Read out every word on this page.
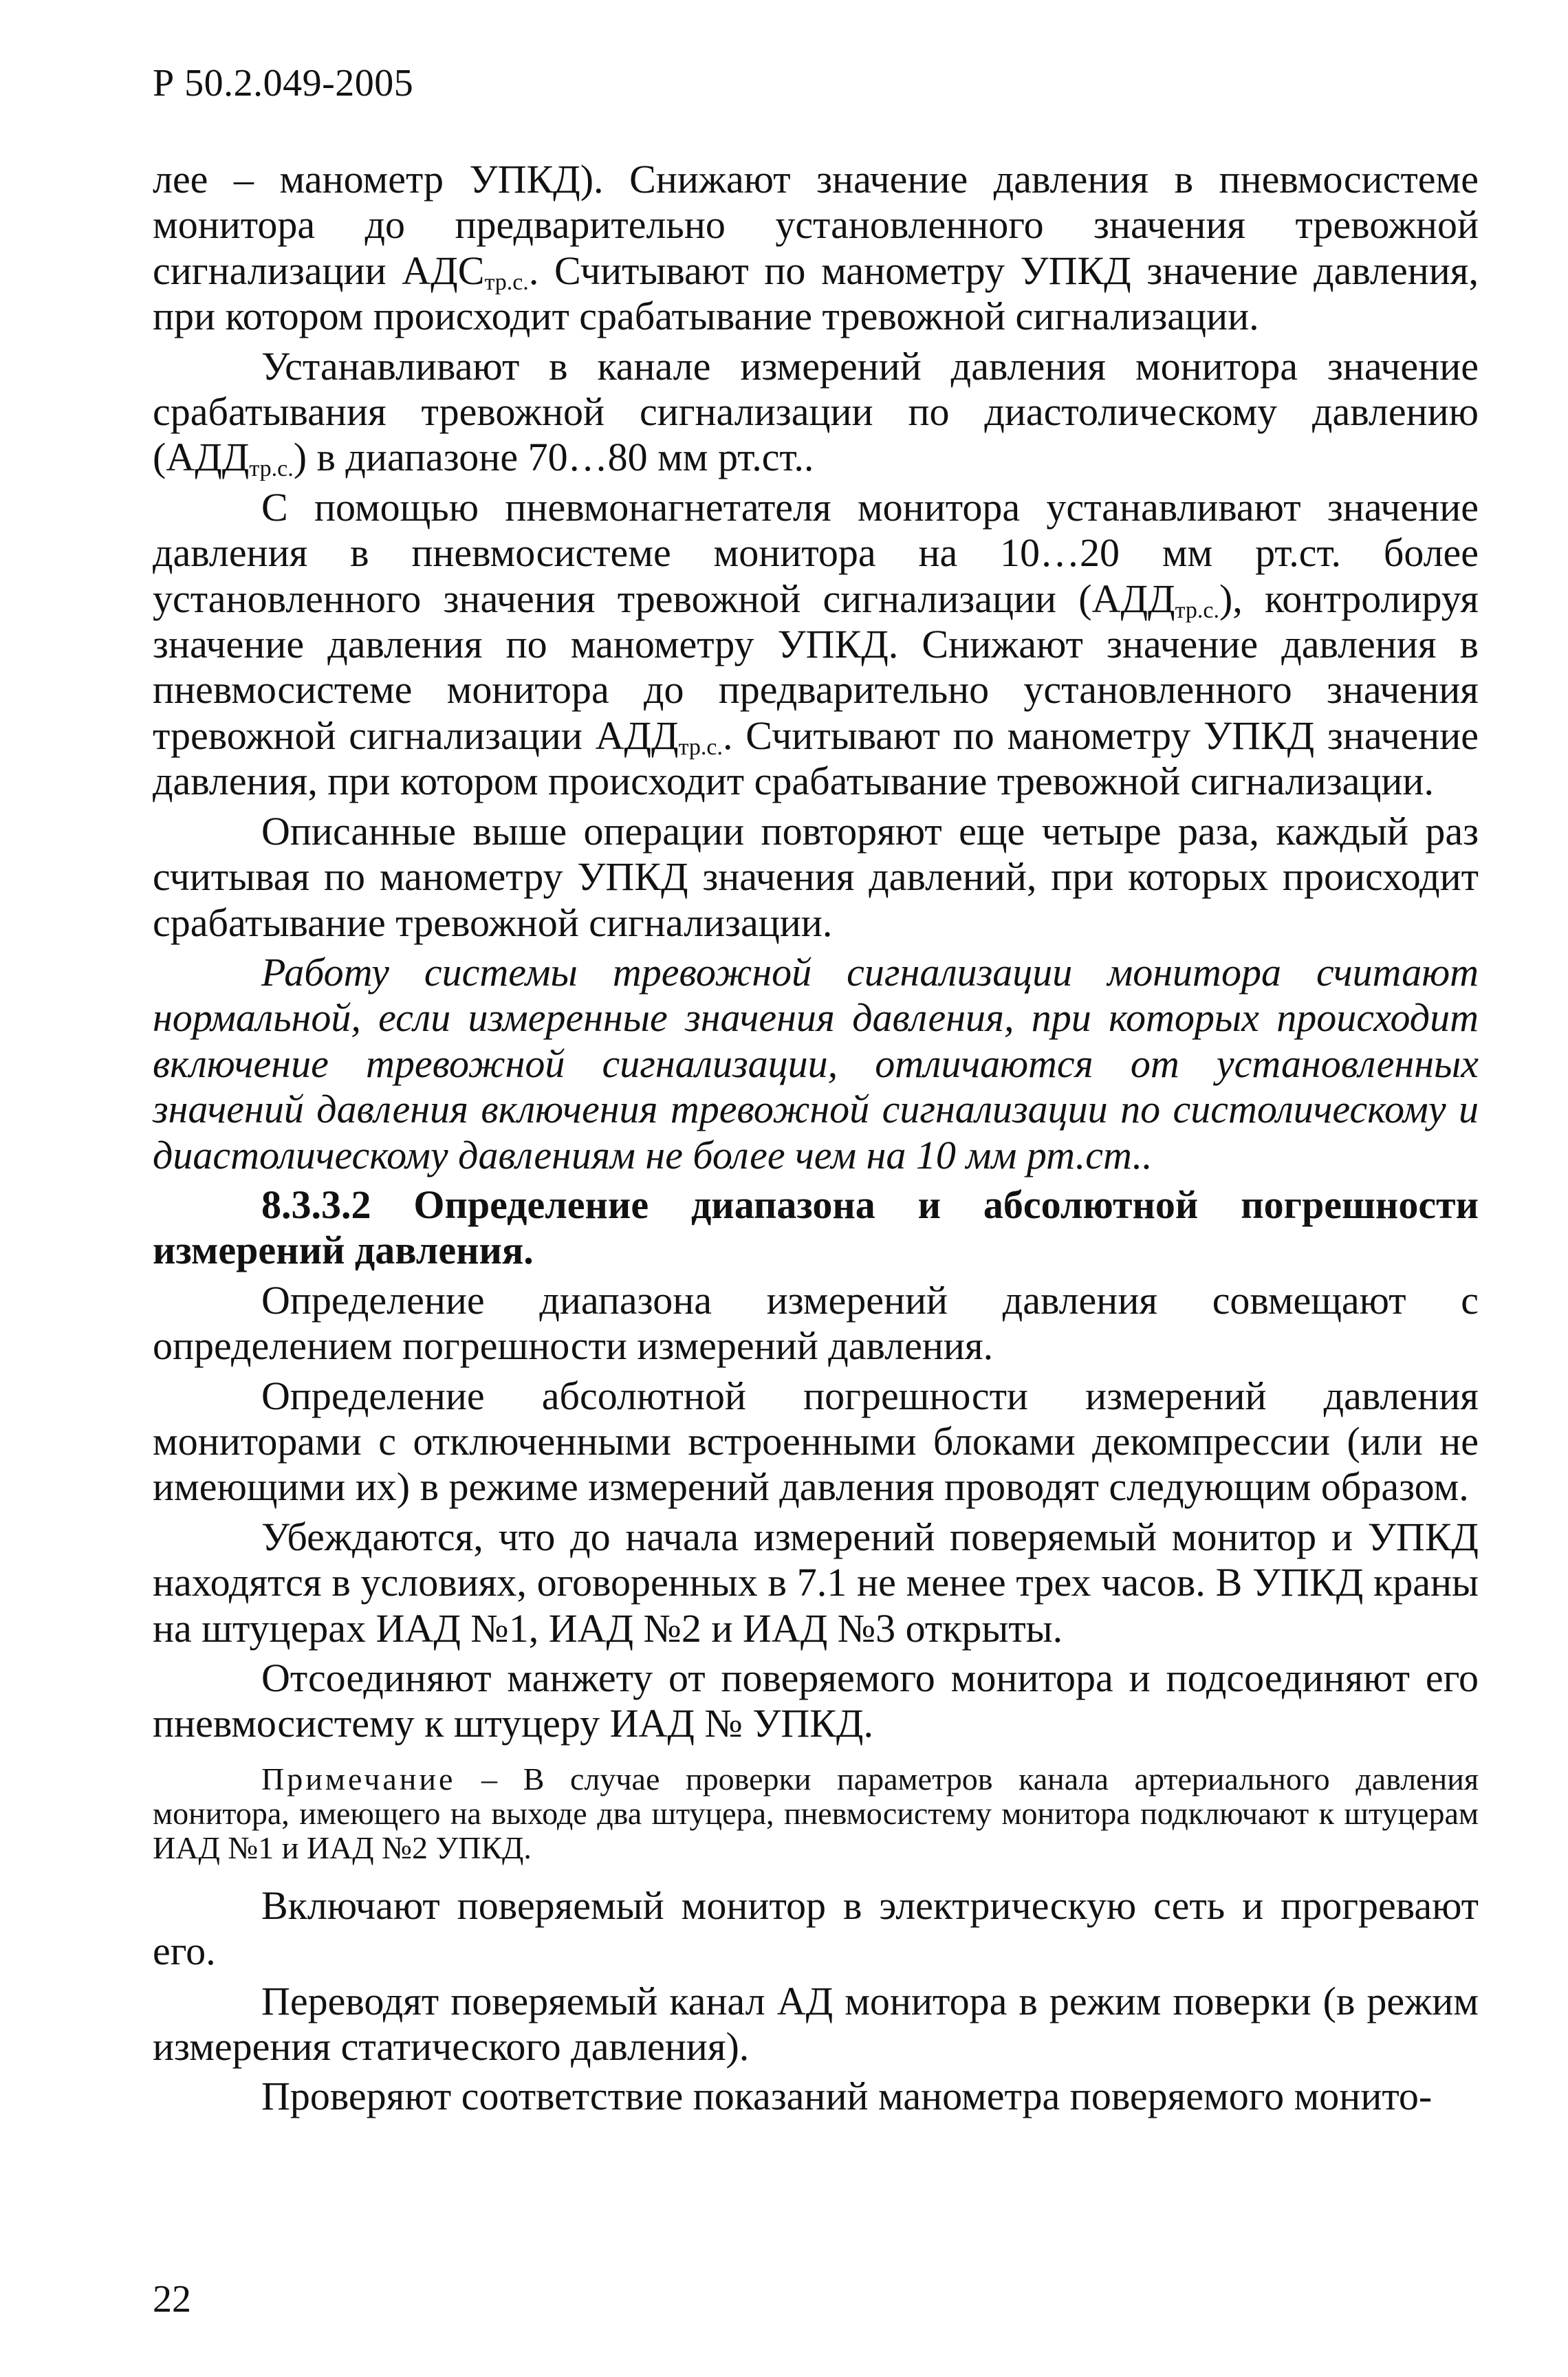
Р 50.2.049-2005

лее – манометр УПКД). Снижают значение давления в пневмосистеме монитора до предварительно установленного значения тревожной сигнализации $АДС_{тр.с.}$. Считывают по манометру УПКД значение давления, при котором происходит срабатывание тревожной сигнализации.

Устанавливают в канале измерений давления монитора значение срабатывания тревожной сигнализации по диастолическому давлению $(АДД_{тр.с.})$ в диапазоне 70…80 мм рт.ст..

С помощью пневмонагнетателя монитора устанавливают значение давления в пневмосистеме монитора на 10…20 мм рт.ст. более установленного значения тревожной сигнализации $(АДД_{тр.с.})$, контролируя значение давления по манометру УПКД. Снижают значение давления в пневмосистеме монитора до предварительно установленного значения тревожной сигнализации $АДД_{тр.с.}$. Считывают по манометру УПКД значение давления, при котором происходит срабатывание тревожной сигнализации.

Описанные выше операции повторяют еще четыре раза, каждый раз считывая по манометру УПКД значения давлений, при которых происходит срабатывание тревожной сигнализации.

Работу системы тревожной сигнализации монитора считают нормальной, если измеренные значения давления, при которых происходит включение тревожной сигнализации, отличаются от установленных значений давления включения тревожной сигнализации по систолическому и диастолическому давлениям не более чем на 10 мм рт.ст..

8.3.3.2 Определение диапазона и абсолютной погрешности измерений давления.

Определение диапазона измерений давления совмещают с определением погрешности измерений давления.

Определение абсолютной погрешности измерений давления мониторами с отключенными встроенными блоками декомпрессии (или не имеющими их) в режиме измерений давления проводят следующим образом.

Убеждаются, что до начала измерений поверяемый монитор и УПКД находятся в условиях, оговоренных в 7.1 не менее трех часов. В УПКД краны на штуцерах ИАД №1, ИАД №2 и ИАД №3 открыты.

Отсоединяют манжету от поверяемого монитора и подсоединяют его пневмосистему к штуцеру ИАД № УПКД.

Примечание – В случае проверки параметров канала артериального давления монитора, имеющего на выходе два штуцера, пневмосистему монитора подключают к штуцерам ИАД №1 и ИАД №2 УПКД.

Включают поверяемый монитор в электрическую сеть и прогревают его.

Переводят поверяемый канал АД монитора в режим поверки (в режим измерения статического давления).

Проверяют соответствие показаний манометра поверяемого монито-

22
